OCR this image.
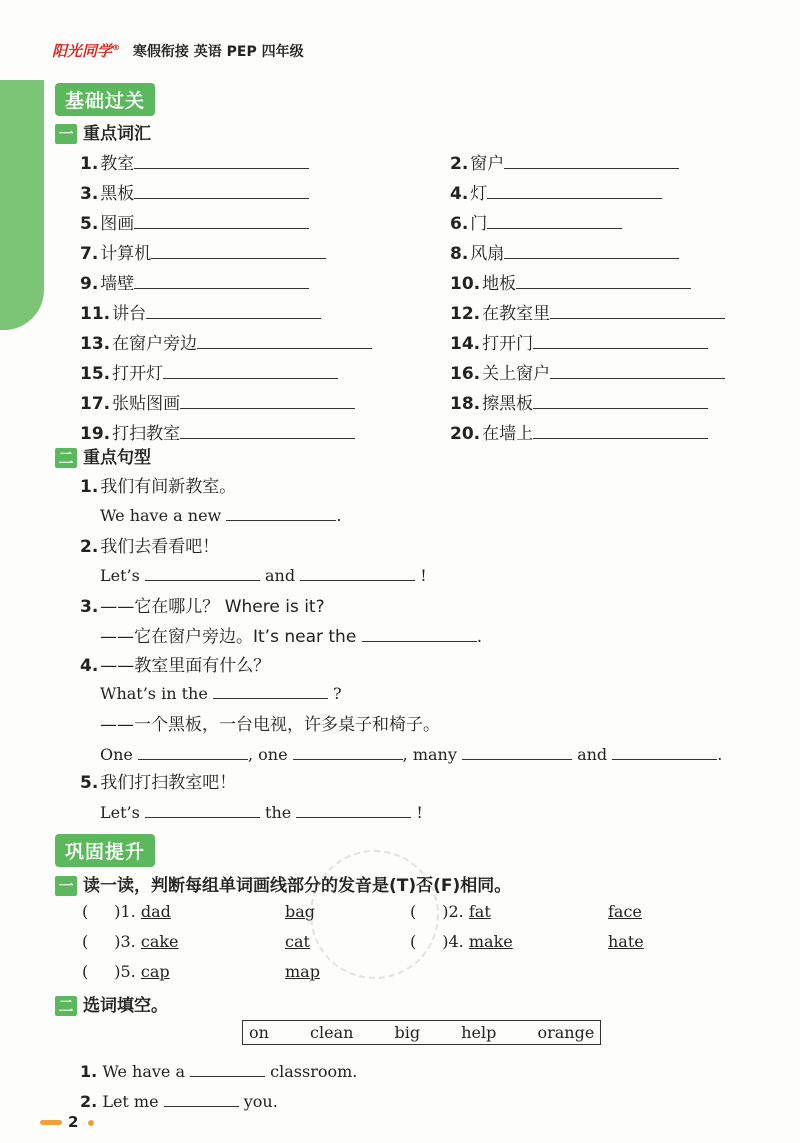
阳光同学® 寒假衔接 英语 PEP 四年级
基础过关
一 重点词汇
1. 教室	2. 窗户
3. 黑板	4. 灯
5. 图画	6. 门
7. 计算机	8. 风扇
9. 墙壁	10. 地板
11. 讲台	12. 在教室里
13. 在窗户旁边	14. 打开门
15. 打开灯	16. 关上窗户
17. 张贴图画	18. 擦黑板
19. 打扫教室	20. 在墙上
二 重点句型
1. 我们有间新教室。
We have a new	.
2. 我们去看看吧！
Let’s	and	!
3. ——它在哪儿？ Where is it?
——它在窗户旁边。It’s near the	.
4. ——教室里面有什么？
What’s in the	?
——一个黑板，一台电视，许多桌子和椅子。
One	, one	, many	and	.
5. 我们打扫教室吧！
Let’s	the	!
巩固提升
一 读一读，判断每组单词画线部分的发音是(T)否(F)相同。
( )1. dad	bag	( )2. fat	face
( )3. cake	cat	( )4. make	hate
( )5. cap	map
二 选词填空。
on	clean	big	help	orange
1. We have a	classroom.
2. Let me	you.
2
